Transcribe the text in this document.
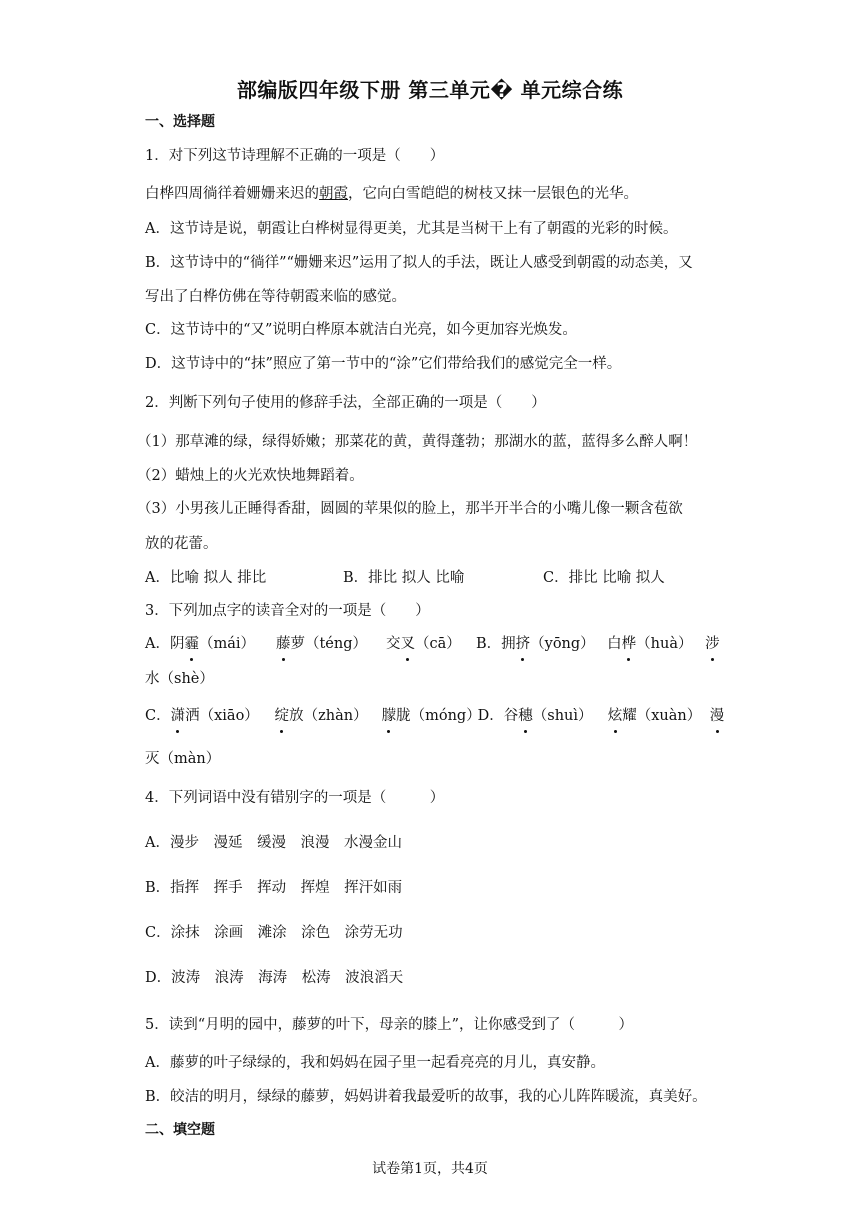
部编版四年级下册 第三单元� 单元综合练
一、选择题
1．对下列这节诗理解不正确的一项是（　　）
白桦四周徜徉着姗姗来迟的朝霞，它向白雪皑皑的树枝又抹一层银色的光华。
A．这节诗是说，朝霞让白桦树显得更美，尤其是当树干上有了朝霞的光彩的时候。
B．这节诗中的“徜徉”“姗姗来迟”运用了拟人的手法，既让人感受到朝霞的动态美，又
写出了白桦仿佛在等待朝霞来临的感觉。
C．这节诗中的“又”说明白桦原本就洁白光亮，如今更加容光焕发。
D．这节诗中的“抹”照应了第一节中的“涂”它们带给我们的感觉完全一样。
2．判断下列句子使用的修辞手法，全部正确的一项是（　　）
（1）那草滩的绿，绿得娇嫩；那菜花的黄，黄得蓬勃；那湖水的蓝，蓝得多么醉人啊！
（2）蜡烛上的火光欢快地舞蹈着。
（3）小男孩儿正睡得香甜，圆圆的苹果似的脸上，那半开半合的小嘴儿像一颗含苞欲
放的花蕾。
A．比喻 拟人 排比	B．排比 拟人 比喻	C．排比 比喻 拟人
3．下列加点字的读音全对的一项是（　　）
A．阴霾（mái） 藤萝（téng） 交叉（cā） B．拥挤（yōng） 白桦（huà） 涉
水（shè）
C．潇洒（xiāo） 绽放（zhàn） 朦胧（móng）D．谷穗（shuì） 炫耀（xuàn） 漫
灭（màn）
4．下列词语中没有错别字的一项是（　　　）
A．漫步　漫延　缓漫　浪漫　水漫金山
B．指挥　挥手　挥动　挥煌　挥汗如雨
C．涂抹　涂画　滩涂　涂色　涂劳无功
D．波涛　浪涛　海涛　松涛　波浪滔天
5．读到“月明的园中，藤萝的叶下，母亲的膝上”，让你感受到了（　　　）
A．藤萝的叶子绿绿的，我和妈妈在园子里一起看亮亮的月儿，真安静。
B．皎洁的明月，绿绿的藤萝，妈妈讲着我最爱听的故事，我的心儿阵阵暖流，真美好。
二、填空题
试卷第1页，共4页
